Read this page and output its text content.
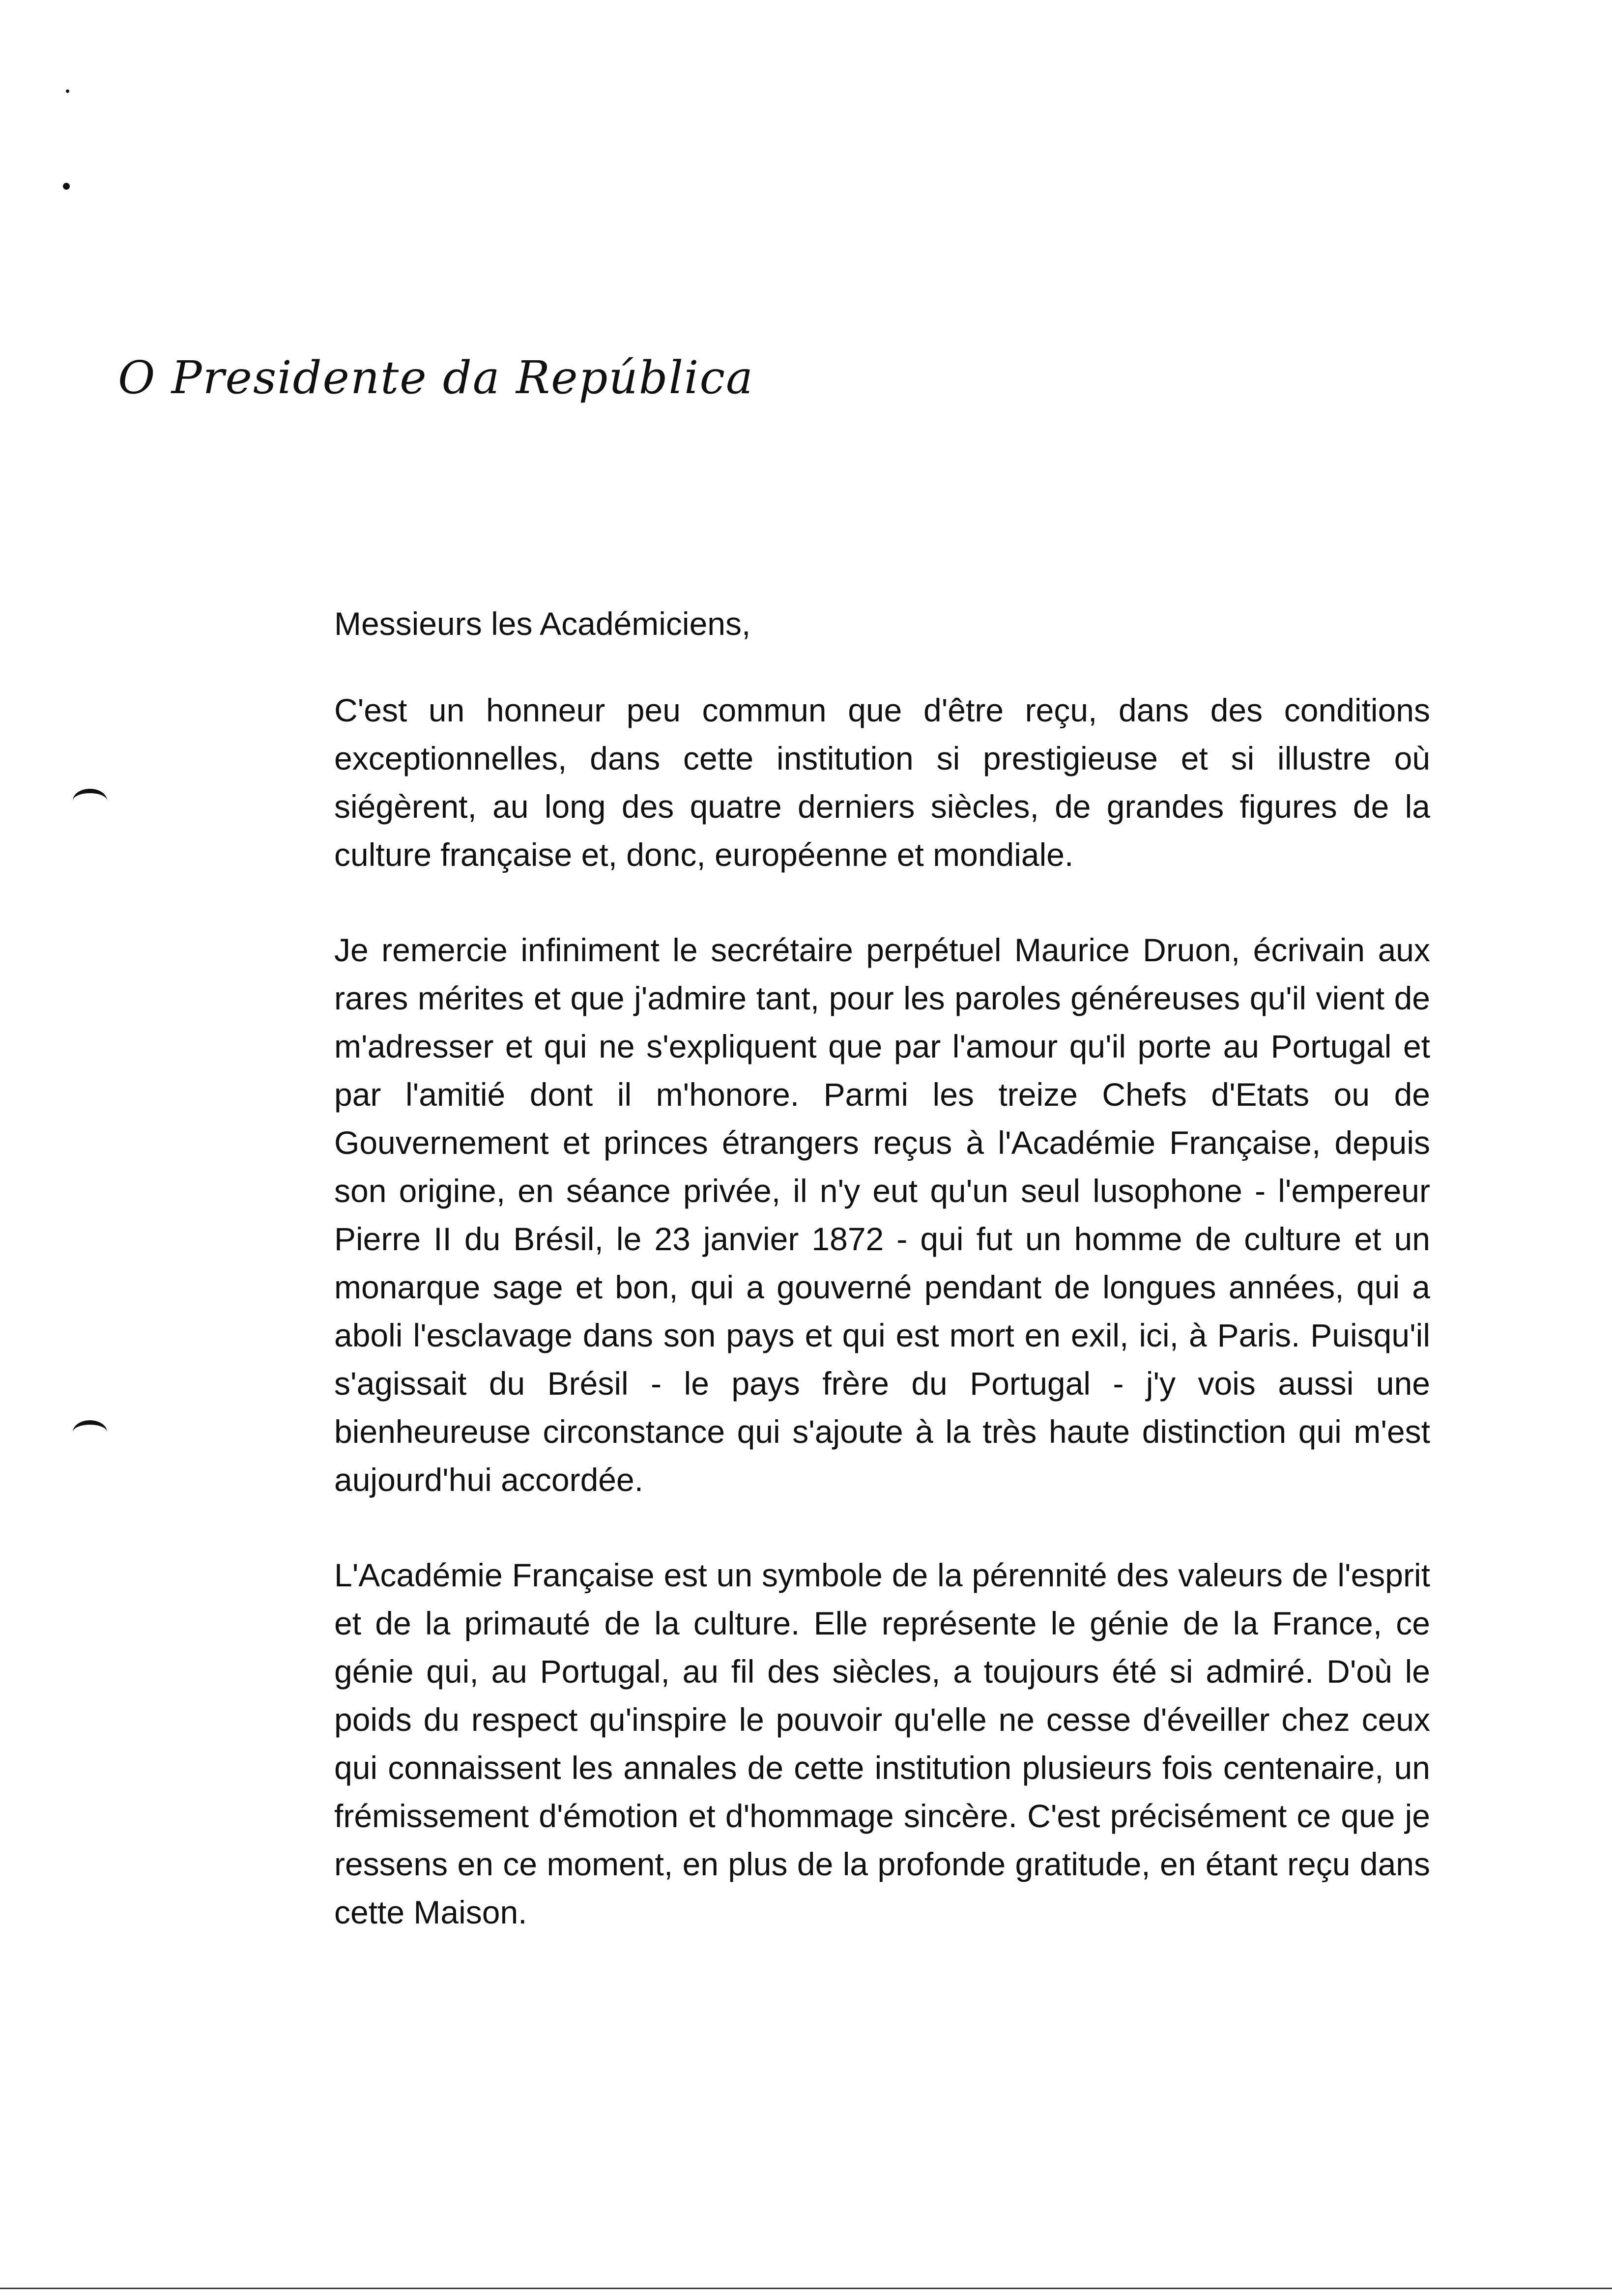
O Presidente da República
Messieurs les Académiciens,
C'est un honneur peu commun que d'être reçu, dans des conditions exceptionnelles, dans cette institution si prestigieuse et si illustre où siégèrent, au long des quatre derniers siècles, de grandes figures de la culture française et, donc, européenne et mondiale.
Je remercie infiniment le secrétaire perpétuel Maurice Druon, écrivain aux rares mérites et que j'admire tant, pour les paroles généreuses qu'il vient de m'adresser et qui ne s'expliquent que par l'amour qu'il porte au Portugal et par l'amitié dont il m'honore. Parmi les treize Chefs d'Etats ou de Gouvernement et princes étrangers reçus à l'Académie Française, depuis son origine, en séance privée, il n'y eut qu'un seul lusophone - l'empereur Pierre II du Brésil, le 23 janvier 1872 - qui fut un homme de culture et un monarque sage et bon, qui a gouverné pendant de longues années, qui a aboli l'esclavage dans son pays et qui est mort en exil, ici, à Paris. Puisqu'il s'agissait du Brésil - le pays frère du Portugal - j'y vois aussi une bienheureuse circonstance qui s'ajoute à la très haute distinction qui m'est aujourd'hui accordée.
L'Académie Française est un symbole de la pérennité des valeurs de l'esprit et de la primauté de la culture. Elle représente le génie de la France, ce génie qui, au Portugal, au fil des siècles, a toujours été si admiré. D'où le poids du respect qu'inspire le pouvoir qu'elle ne cesse d'éveiller chez ceux qui connaissent les annales de cette institution plusieurs fois centenaire, un frémissement d'émotion et d'hommage sincère. C'est précisément ce que je ressens en ce moment, en plus de la profonde gratitude, en étant reçu dans cette Maison.
